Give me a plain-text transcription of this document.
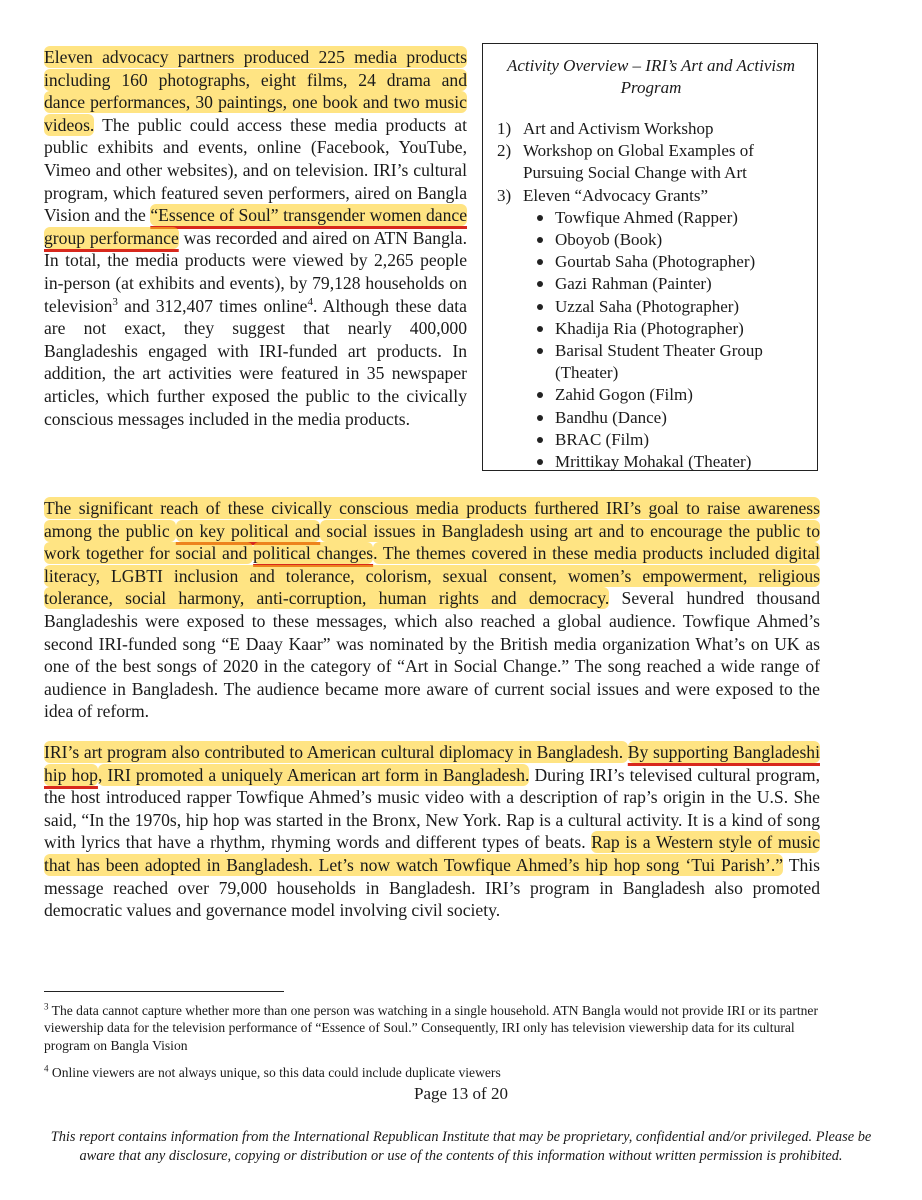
Eleven advocacy partners produced 225 media products including 160 photographs, eight films, 24 drama and dance performances, 30 paintings, one book and two music videos. The public could access these media products at public exhibits and events, online (Facebook, YouTube, Vimeo and other websites), and on television. IRI’s cultural program, which featured seven performers, aired on Bangla Vision and the “Essence of Soul” transgender women dance group performance was recorded and aired on ATN Bangla. In total, the media products were viewed by 2,265 people in-person (at exhibits and events), by 79,128 households on television$^3$ and 312,407 times online$^4$. Although these data are not exact, they suggest that nearly 400,000 Bangladeshis engaged with IRI-funded art products. In addition, the art activities were featured in 35 newspaper articles, which further exposed the public to the civically conscious messages included in the media products.

Activity Overview – IRI’s Art and Activism Program

1) Art and Activism Workshop
2) Workshop on Global Examples of Pursuing Social Change with Art
3) Eleven “Advocacy Grants”
Towfique Ahmed (Rapper)
Oboyob (Book)
Gourtab Saha (Photographer)
Gazi Rahman (Painter)
Uzzal Saha (Photographer)
Khadija Ria (Photographer)
Barisal Student Theater Group (Theater)
Zahid Gogon (Film)
Bandhu (Dance)
BRAC (Film)
Mrittikay Mohakal (Theater)

The significant reach of these civically conscious media products furthered IRI’s goal to raise awareness among the public on key political and social issues in Bangladesh using art and to encourage the public to work together for social and political changes. The themes covered in these media products included digital literacy, LGBTI inclusion and tolerance, colorism, sexual consent, women’s empowerment, religious tolerance, social harmony, anti-corruption, human rights and democracy. Several hundred thousand Bangladeshis were exposed to these messages, which also reached a global audience. Towfique Ahmed’s second IRI-funded song “E Daay Kaar” was nominated by the British media organization What’s on UK as one of the best songs of 2020 in the category of “Art in Social Change.” The song reached a wide range of audience in Bangladesh. The audience became more aware of current social issues and were exposed to the idea of reform.

IRI’s art program also contributed to American cultural diplomacy in Bangladesh. By supporting Bangladeshi hip hop, IRI promoted a uniquely American art form in Bangladesh. During IRI’s televised cultural program, the host introduced rapper Towfique Ahmed’s music video with a description of rap’s origin in the U.S. She said, “In the 1970s, hip hop was started in the Bronx, New York. Rap is a cultural activity. It is a kind of song with lyrics that have a rhythm, rhyming words and different types of beats. Rap is a Western style of music that has been adopted in Bangladesh. Let’s now watch Towfique Ahmed’s hip hop song ‘Tui Parish’.” This message reached over 79,000 households in Bangladesh. IRI’s program in Bangladesh also promoted democratic values and governance model involving civil society.

$^3$ The data cannot capture whether more than one person was watching in a single household. ATN Bangla would not provide IRI or its partner viewership data for the television performance of “Essence of Soul.” Consequently, IRI only has television viewership data for its cultural program on Bangla Vision

$^4$ Online viewers are not always unique, so this data could include duplicate viewers

Page 13 of 20

This report contains information from the International Republican Institute that may be proprietary, confidential and/or privileged. Please be aware that any disclosure, copying or distribution or use of the contents of this information without written permission is prohibited.
